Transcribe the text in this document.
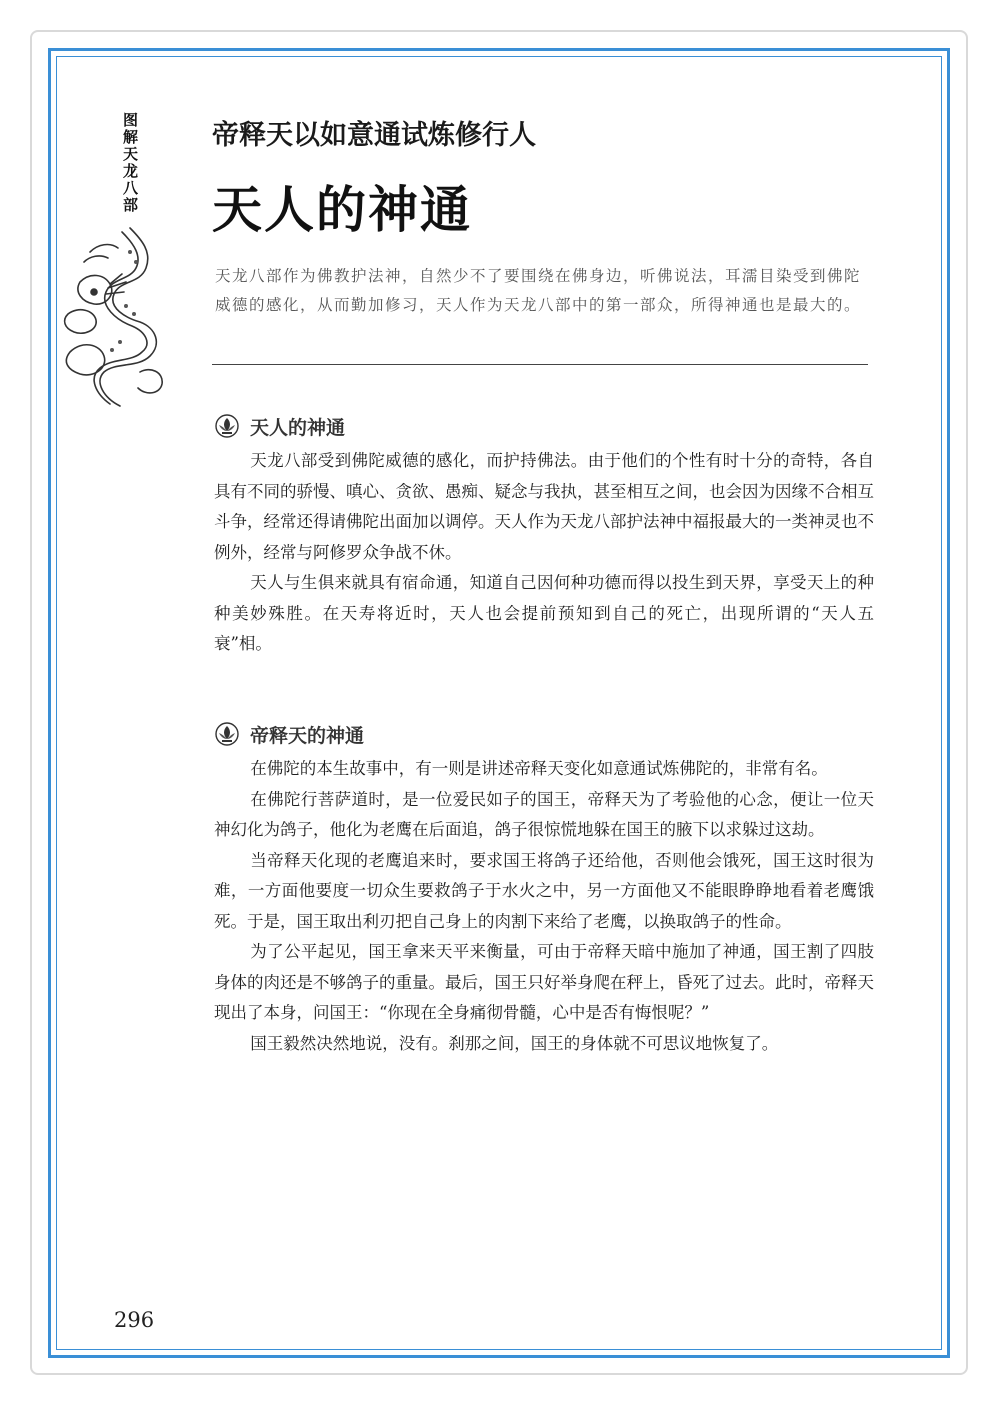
图解天龙八部	帝释天以如意通试炼修行人
天人的神通
天龙八部作为佛教护法神，自然少不了要围绕在佛身边，听佛说法，耳濡目染受到佛陀威德的感化，从而勤加修习，天人作为天龙八部中的第一部众，所得神通也是最大的。
天人的神通

天龙八部受到佛陀威德的感化，而护持佛法。由于他们的个性有时十分的奇特，各自具有不同的骄慢、嗔心、贪欲、愚痴、疑念与我执，甚至相互之间，也会因为因缘不合相互斗争，经常还得请佛陀出面加以调停。天人作为天龙八部护法神中福报最大的一类神灵也不例外，经常与阿修罗众争战不休。

天人与生俱来就具有宿命通，知道自己因何种功德而得以投生到天界，享受天上的种种美妙殊胜。在天寿将近时，天人也会提前预知到自己的死亡，出现所谓的“天人五衰”相。

帝释天的神通

在佛陀的本生故事中，有一则是讲述帝释天变化如意通试炼佛陀的，非常有名。

在佛陀行菩萨道时，是一位爱民如子的国王，帝释天为了考验他的心念，便让一位天神幻化为鸽子，他化为老鹰在后面追，鸽子很惊慌地躲在国王的腋下以求躲过这劫。

当帝释天化现的老鹰追来时，要求国王将鸽子还给他，否则他会饿死，国王这时很为难，一方面他要度一切众生要救鸽子于水火之中，另一方面他又不能眼睁睁地看着老鹰饿死。于是，国王取出利刃把自己身上的肉割下来给了老鹰，以换取鸽子的性命。

为了公平起见，国王拿来天平来衡量，可由于帝释天暗中施加了神通，国王割了四肢身体的肉还是不够鸽子的重量。最后，国王只好举身爬在秤上，昏死了过去。此时，帝释天现出了本身，问国王：“你现在全身痛彻骨髓，心中是否有悔恨呢？”

国王毅然决然地说，没有。刹那之间，国王的身体就不可思议地恢复了。

296
